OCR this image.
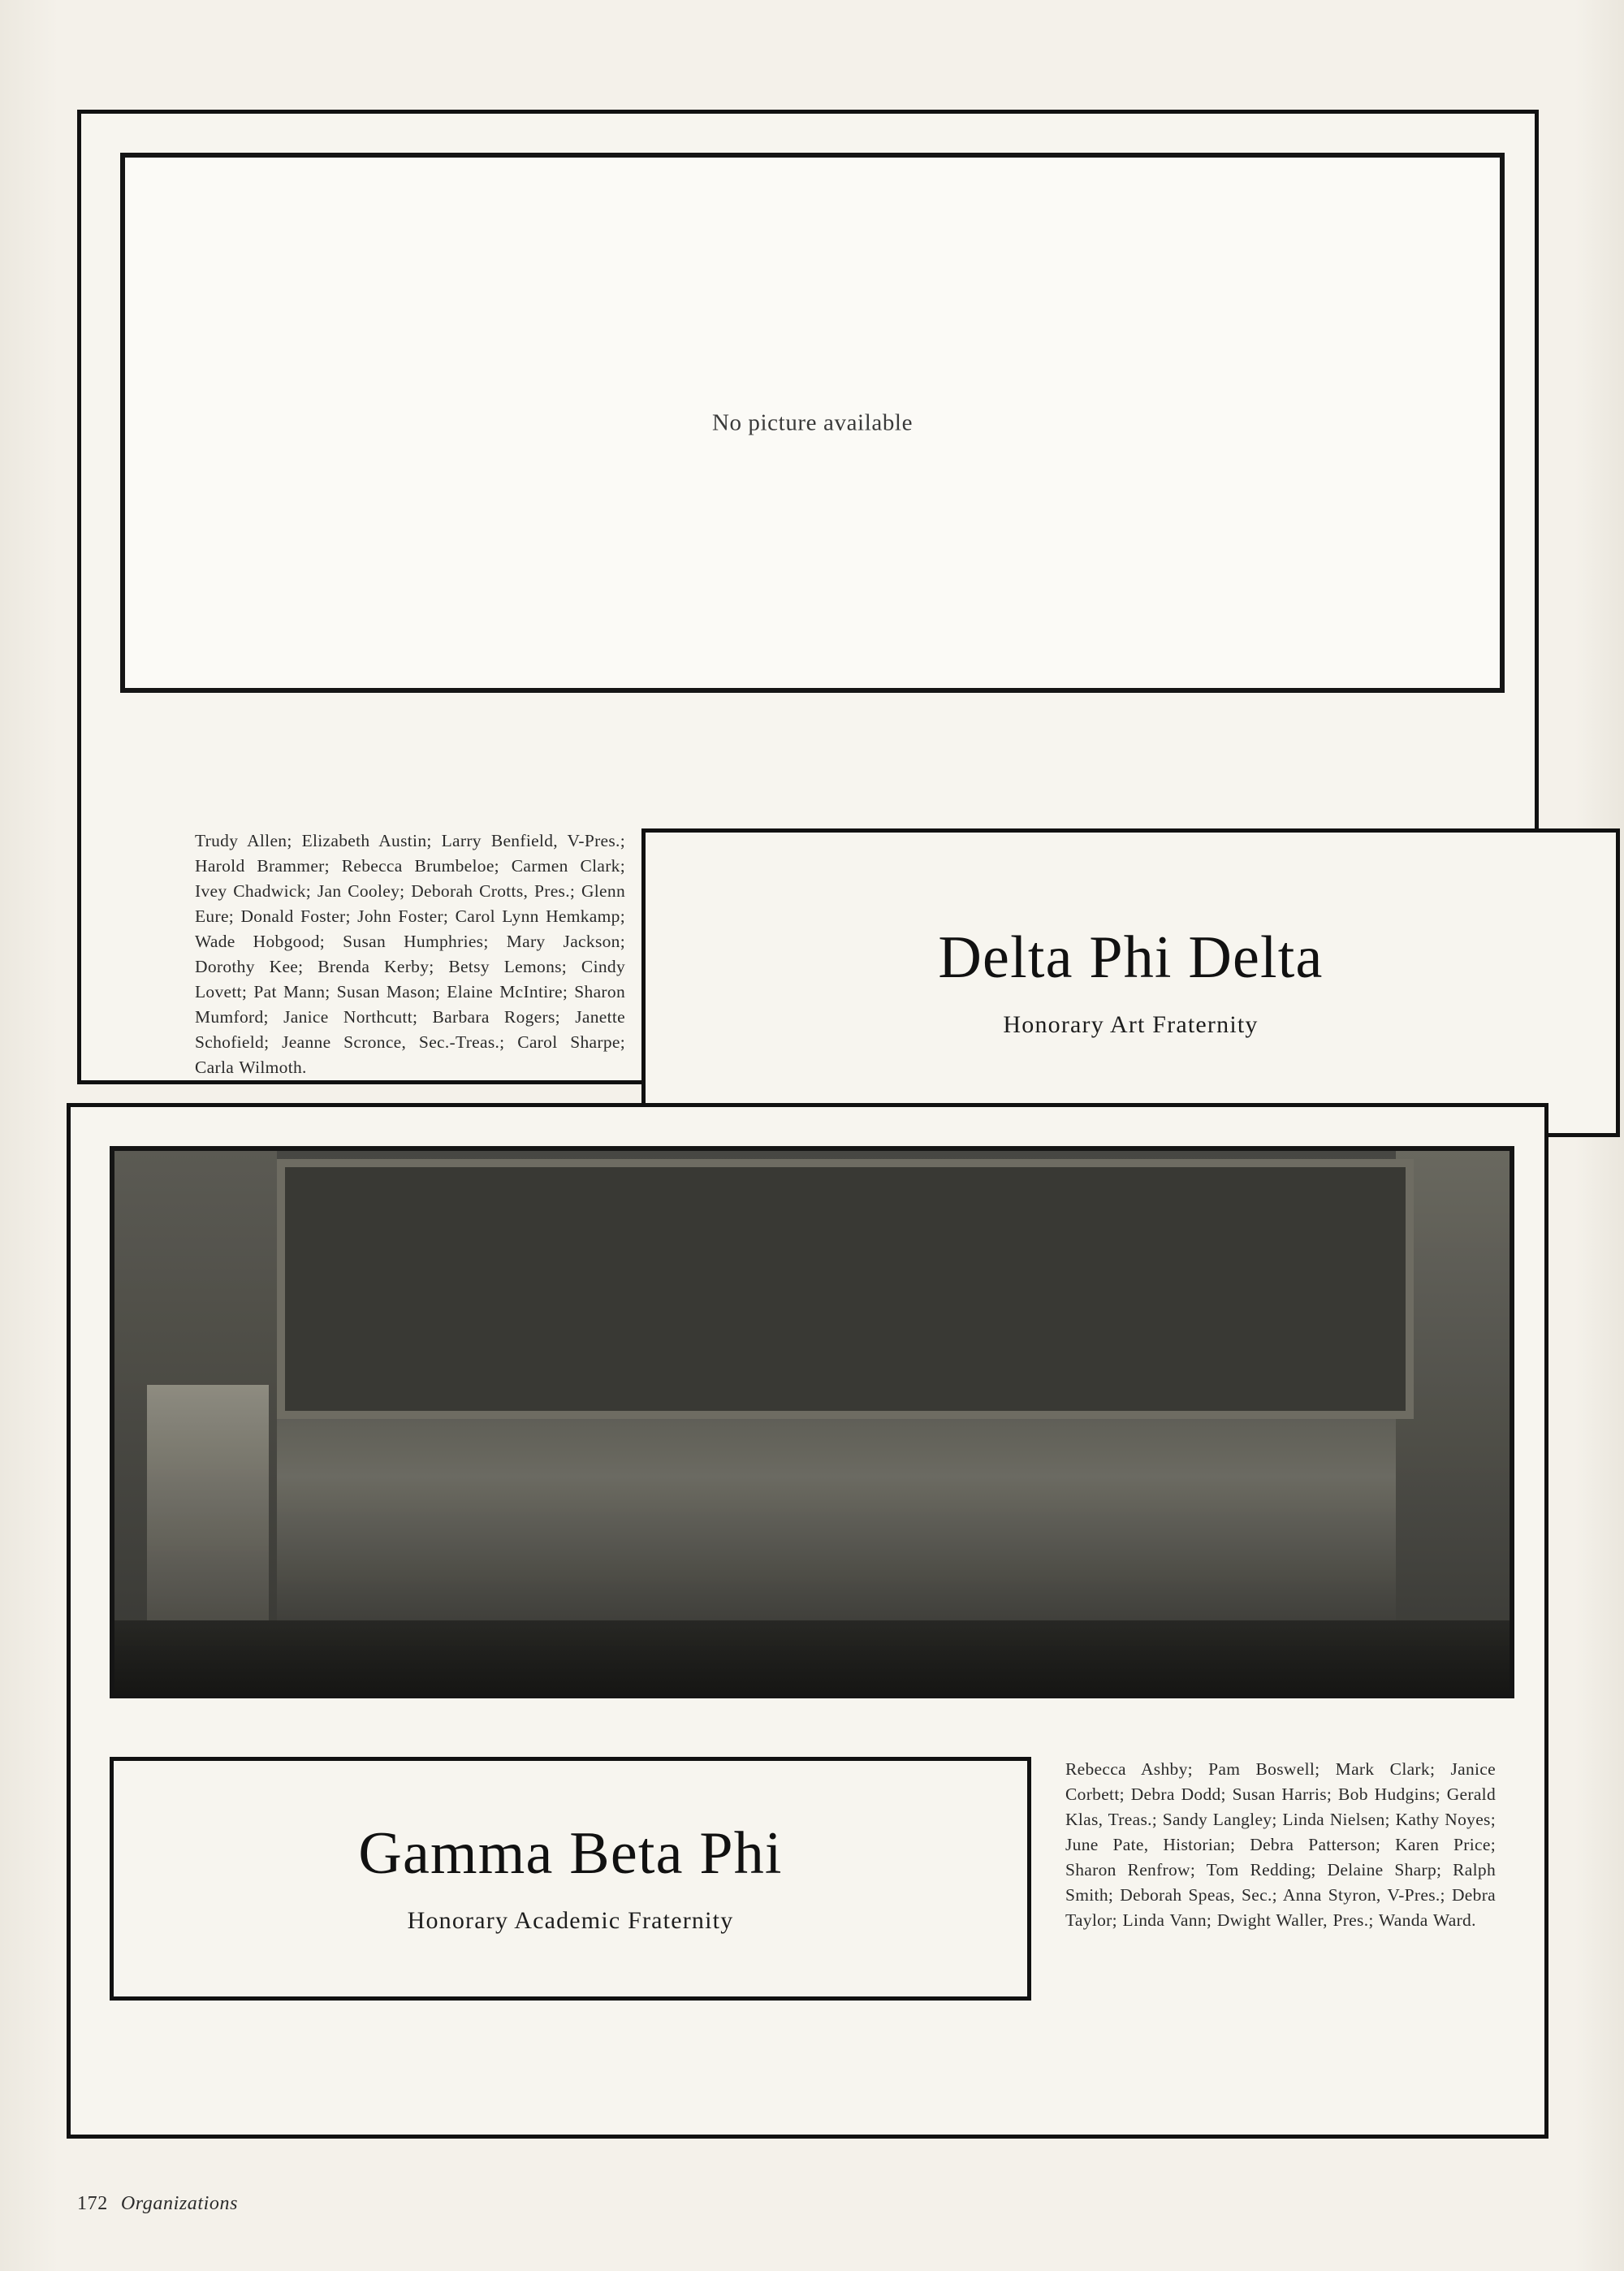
No picture available
Trudy Allen; Elizabeth Austin; Larry Benfield, V-Pres.; Harold Brammer; Rebecca Brumbeloe; Carmen Clark; Ivey Chadwick; Jan Cooley; Deborah Crotts, Pres.; Glenn Eure; Donald Foster; John Foster; Carol Lynn Hemkamp; Wade Hobgood; Susan Humphries; Mary Jackson; Dorothy Kee; Brenda Kerby; Betsy Lemons; Cindy Lovett; Pat Mann; Susan Mason; Elaine McIntire; Sharon Mumford; Janice Northcutt; Barbara Rogers; Janette Schofield; Jeanne Scronce, Sec.-Treas.; Carol Sharpe; Carla Wilmoth.
Delta Phi Delta
Honorary Art Fraternity
Gamma Beta Phi
Honorary Academic Fraternity
Rebecca Ashby; Pam Boswell; Mark Clark; Janice Corbett; Debra Dodd; Susan Harris; Bob Hudgins; Gerald Klas, Treas.; Sandy Langley; Linda Nielsen; Kathy Noyes; June Pate, Historian; Debra Patterson; Karen Price; Sharon Renfrow; Tom Redding; Delaine Sharp; Ralph Smith; Deborah Speas, Sec.; Anna Styron, V-Pres.; Debra Taylor; Linda Vann; Dwight Waller, Pres.; Wanda Ward.
172 Organizations
